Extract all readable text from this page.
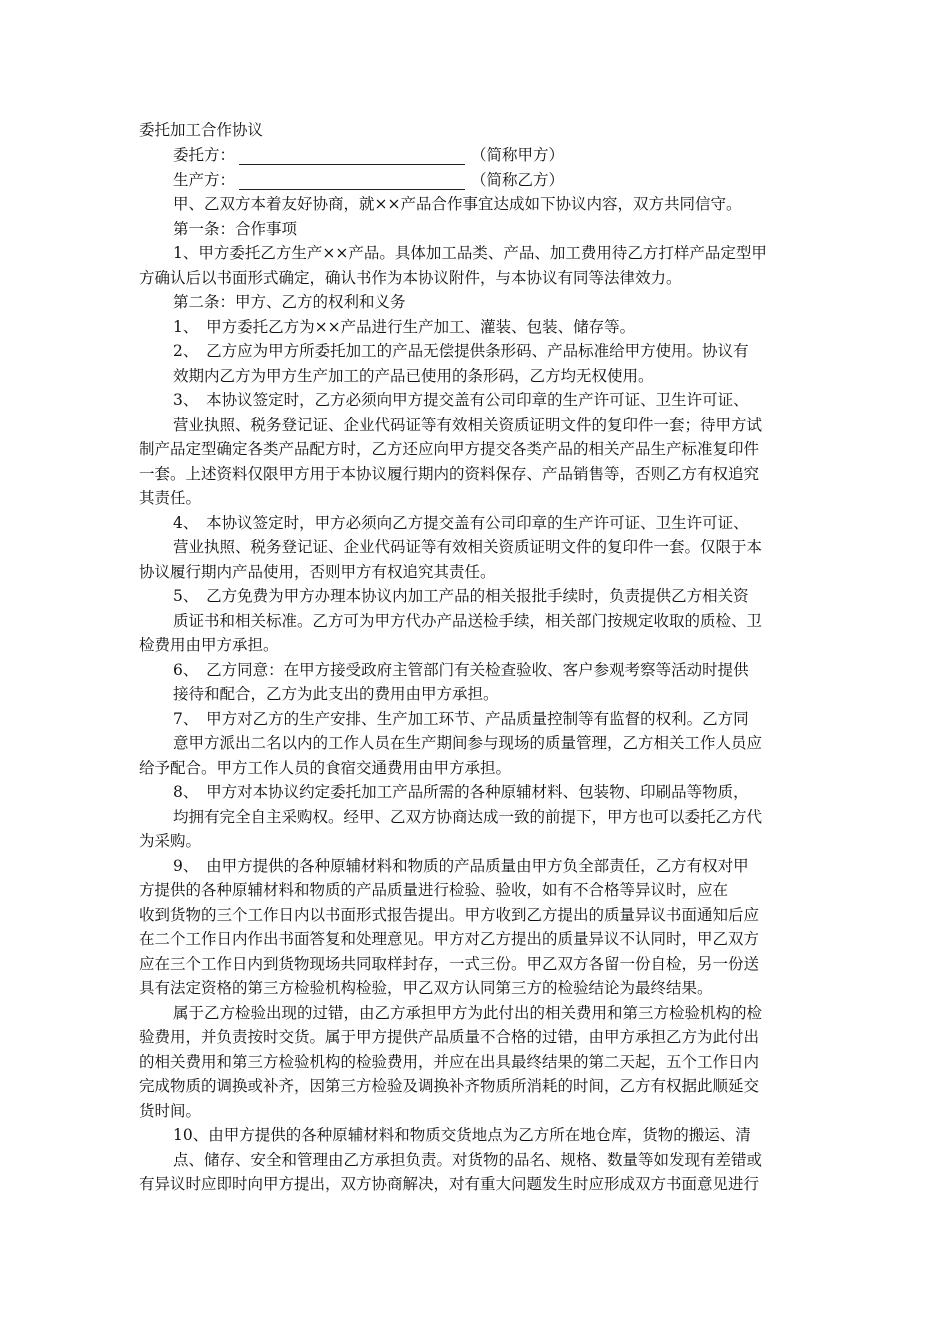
委托加工合作协议
委托方：	（简称甲方）
生产方：	（简称乙方）
甲、乙双方本着友好协商，就××产品合作事宜达成如下协议内容，双方共同信守。
第一条：合作事项
1、甲方委托乙方生产××产品。具体加工品类、产品、加工费用待乙方打样产品定型甲
方确认后以书面形式确定，确认书作为本协议附件，与本协议有同等法律效力。
第二条：甲方、乙方的权利和义务
1、　甲方委托乙方为××产品进行生产加工、灌装、包装、储存等。
2、　乙方应为甲方所委托加工的产品无偿提供条形码、产品标准给甲方使用。协议有
效期内乙方为甲方生产加工的产品已使用的条形码，乙方均无权使用。
3、　本协议签定时，乙方必须向甲方提交盖有公司印章的生产许可证、卫生许可证、
营业执照、税务登记证、企业代码证等有效相关资质证明文件的复印件一套；待甲方试
制产品定型确定各类产品配方时，乙方还应向甲方提交各类产品的相关产品生产标准复印件
一套。上述资料仅限甲方用于本协议履行期内的资料保存、产品销售等，否则乙方有权追究
其责任。
4、　本协议签定时，甲方必须向乙方提交盖有公司印章的生产许可证、卫生许可证、
营业执照、税务登记证、企业代码证等有效相关资质证明文件的复印件一套。仅限于本
协议履行期内产品使用，否则甲方有权追究其责任。
5、　乙方免费为甲方办理本协议内加工产品的相关报批手续时，负责提供乙方相关资
质证书和相关标准。乙方可为甲方代办产品送检手续，相关部门按规定收取的质检、卫
检费用由甲方承担。
6、　乙方同意：在甲方接受政府主管部门有关检查验收、客户参观考察等活动时提供
接待和配合，乙方为此支出的费用由甲方承担。
7、　甲方对乙方的生产安排、生产加工环节、产品质量控制等有监督的权利。乙方同
意甲方派出二名以内的工作人员在生产期间参与现场的质量管理，乙方相关工作人员应
给予配合。甲方工作人员的食宿交通费用由甲方承担。
8、　甲方对本协议约定委托加工产品所需的各种原辅材料、包装物、印刷品等物质，
均拥有完全自主采购权。经甲、乙双方协商达成一致的前提下，甲方也可以委托乙方代
为采购。
9、　由甲方提供的各种原辅材料和物质的产品质量由甲方负全部责任，乙方有权对甲
方提供的各种原辅材料和物质的产品质量进行检验、验收，如有不合格等异议时，应在
收到货物的三个工作日内以书面形式报告提出。甲方收到乙方提出的质量异议书面通知后应
在二个工作日内作出书面答复和处理意见。甲方对乙方提出的质量异议不认同时，甲乙双方
应在三个工作日内到货物现场共同取样封存，一式三份。甲乙双方各留一份自检，另一份送
具有法定资格的第三方检验机构检验，甲乙双方认同第三方的检验结论为最终结果。
属于乙方检验出现的过错，由乙方承担甲方为此付出的相关费用和第三方检验机构的检
验费用，并负责按时交货。属于甲方提供产品质量不合格的过错，由甲方承担乙方为此付出
的相关费用和第三方检验机构的检验费用，并应在出具最终结果的第二天起，五个工作日内
完成物质的调换或补齐，因第三方检验及调换补齐物质所消耗的时间，乙方有权据此顺延交
货时间。
10、由甲方提供的各种原辅材料和物质交货地点为乙方所在地仓库，货物的搬运、清
点、储存、安全和管理由乙方承担负责。对货物的品名、规格、数量等如发现有差错或
有异议时应即时向甲方提出，双方协商解决，对有重大问题发生时应形成双方书面意见进行
